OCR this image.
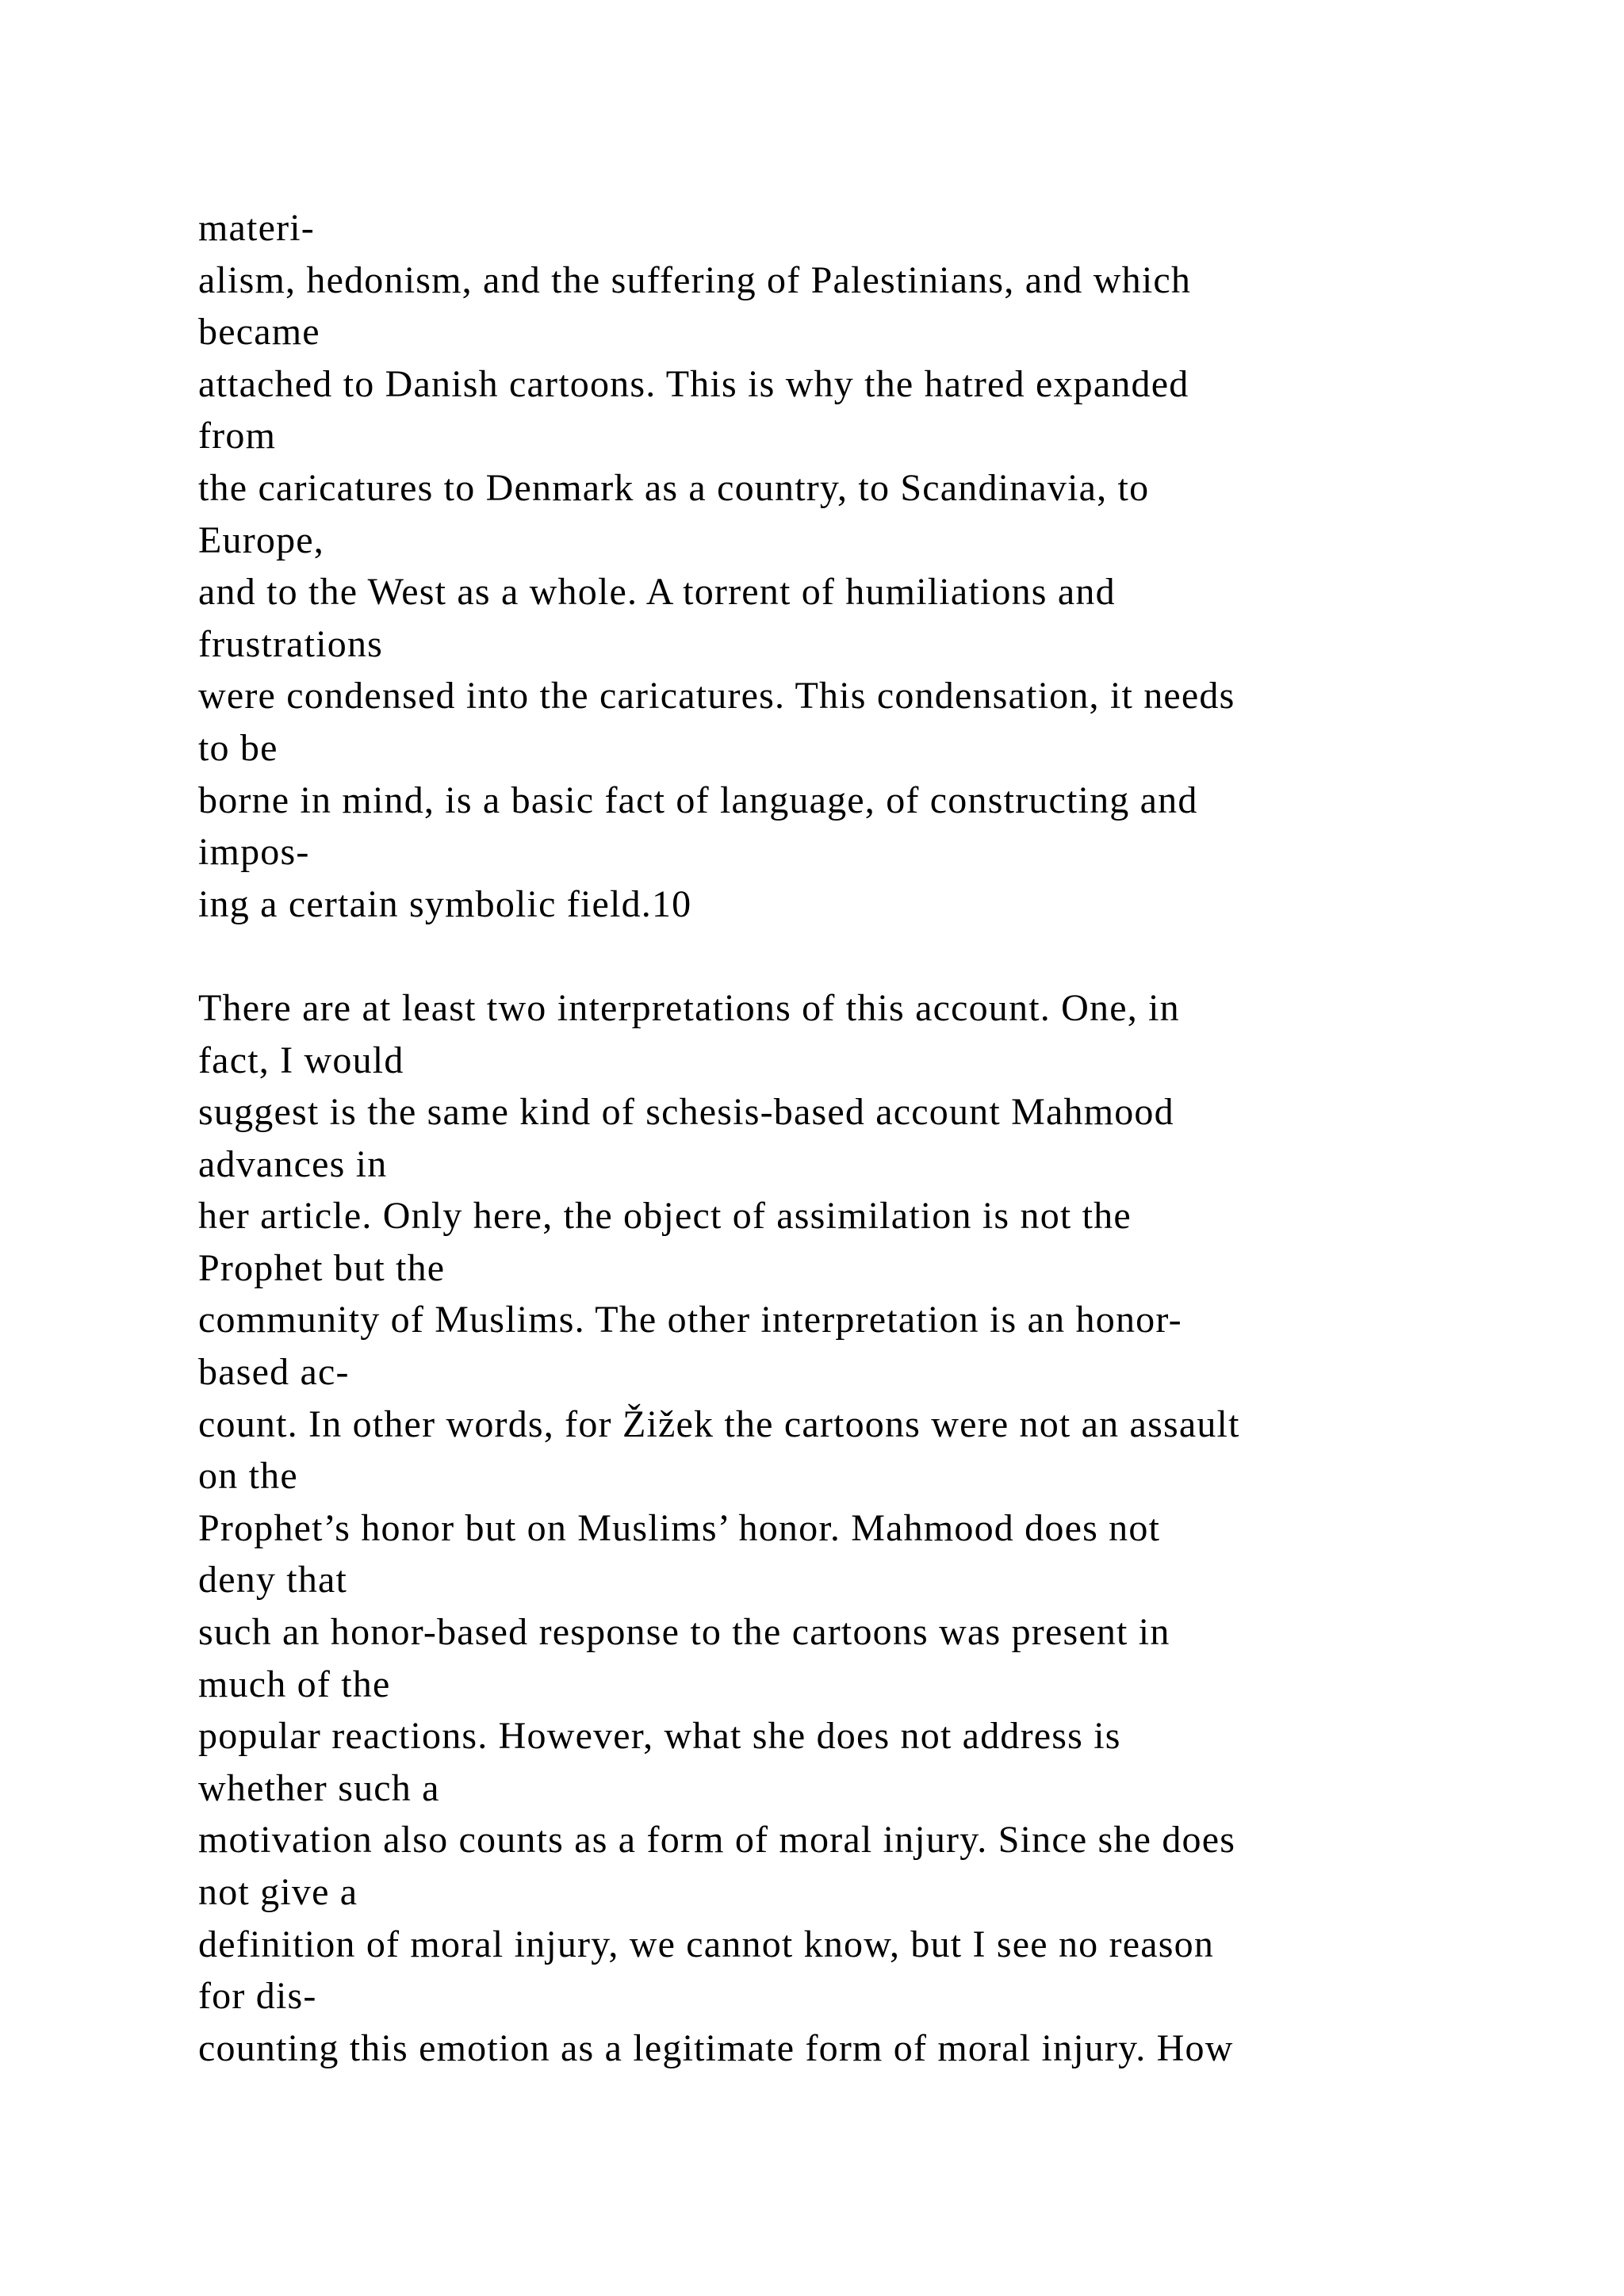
materi-
alism, hedonism, and the suffering of Palestinians, and which
became
attached to Danish cartoons. This is why the hatred expanded
from
the caricatures to Denmark as a country, to Scandinavia, to
Europe,
and to the West as a whole. A torrent of humiliations and
frustrations
were condensed into the caricatures. This condensation, it needs
to be
borne in mind, is a basic fact of language, of constructing and
impos-
ing a certain symbolic field.10
There are at least two interpretations of this account. One, in
fact, I would
suggest is the same kind of schesis-based account Mahmood
advances in
her article. Only here, the object of assimilation is not the
Prophet but the
community of Muslims. The other interpretation is an honor-
based ac-
count. In other words, for Žižek the cartoons were not an assault
on the
Prophet’s honor but on Muslims’ honor. Mahmood does not
deny that
such an honor-based response to the cartoons was present in
much of the
popular reactions. However, what she does not address is
whether such a
motivation also counts as a form of moral injury. Since she does
not give a
definition of moral injury, we cannot know, but I see no reason
for dis-
counting this emotion as a legitimate form of moral injury. How
